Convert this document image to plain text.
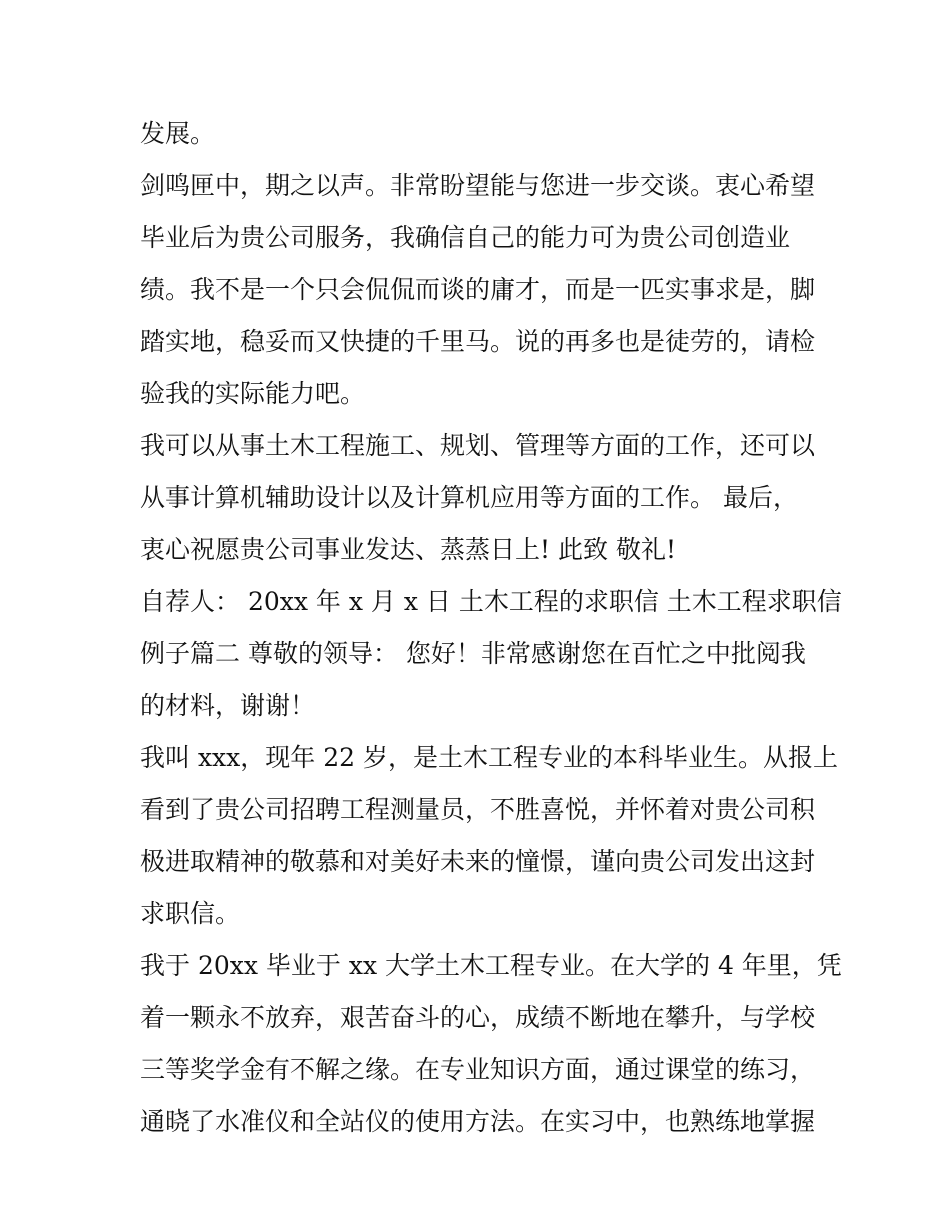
发展。

剑鸣匣中，期之以声。非常盼望能与您进一步交谈。衷心希望
毕业后为贵公司服务，我确信自己的能力可为贵公司创造业
绩。我不是一个只会侃侃而谈的庸才，而是一匹实事求是，脚
踏实地，稳妥而又快捷的千里马。说的再多也是徒劳的，请检
验我的实际能力吧。

我可以从事土木工程施工、规划、管理等方面的工作，还可以
从事计算机辅助设计以及计算机应用等方面的工作。 最后，
衷心祝愿贵公司事业发达、蒸蒸日上! 此致 敬礼!

自荐人： 20xx 年 x 月 x 日 土木工程的求职信 土木工程求职信
例子篇二 尊敬的领导： 您好！非常感谢您在百忙之中批阅我
的材料，谢谢！

我叫 xxx，现年 22 岁，是土木工程专业的本科毕业生。从报上
看到了贵公司招聘工程测量员，不胜喜悦，并怀着对贵公司积
极进取精神的敬慕和对美好未来的憧憬，谨向贵公司发出这封
求职信。

我于 20xx 毕业于 xx 大学土木工程专业。在大学的 4 年里，凭
着一颗永不放弃，艰苦奋斗的心，成绩不断地在攀升，与学校
三等奖学金有不解之缘。在专业知识方面，通过课堂的练习，
通晓了水准仪和全站仪的使用方法。在实习中，也熟练地掌握
